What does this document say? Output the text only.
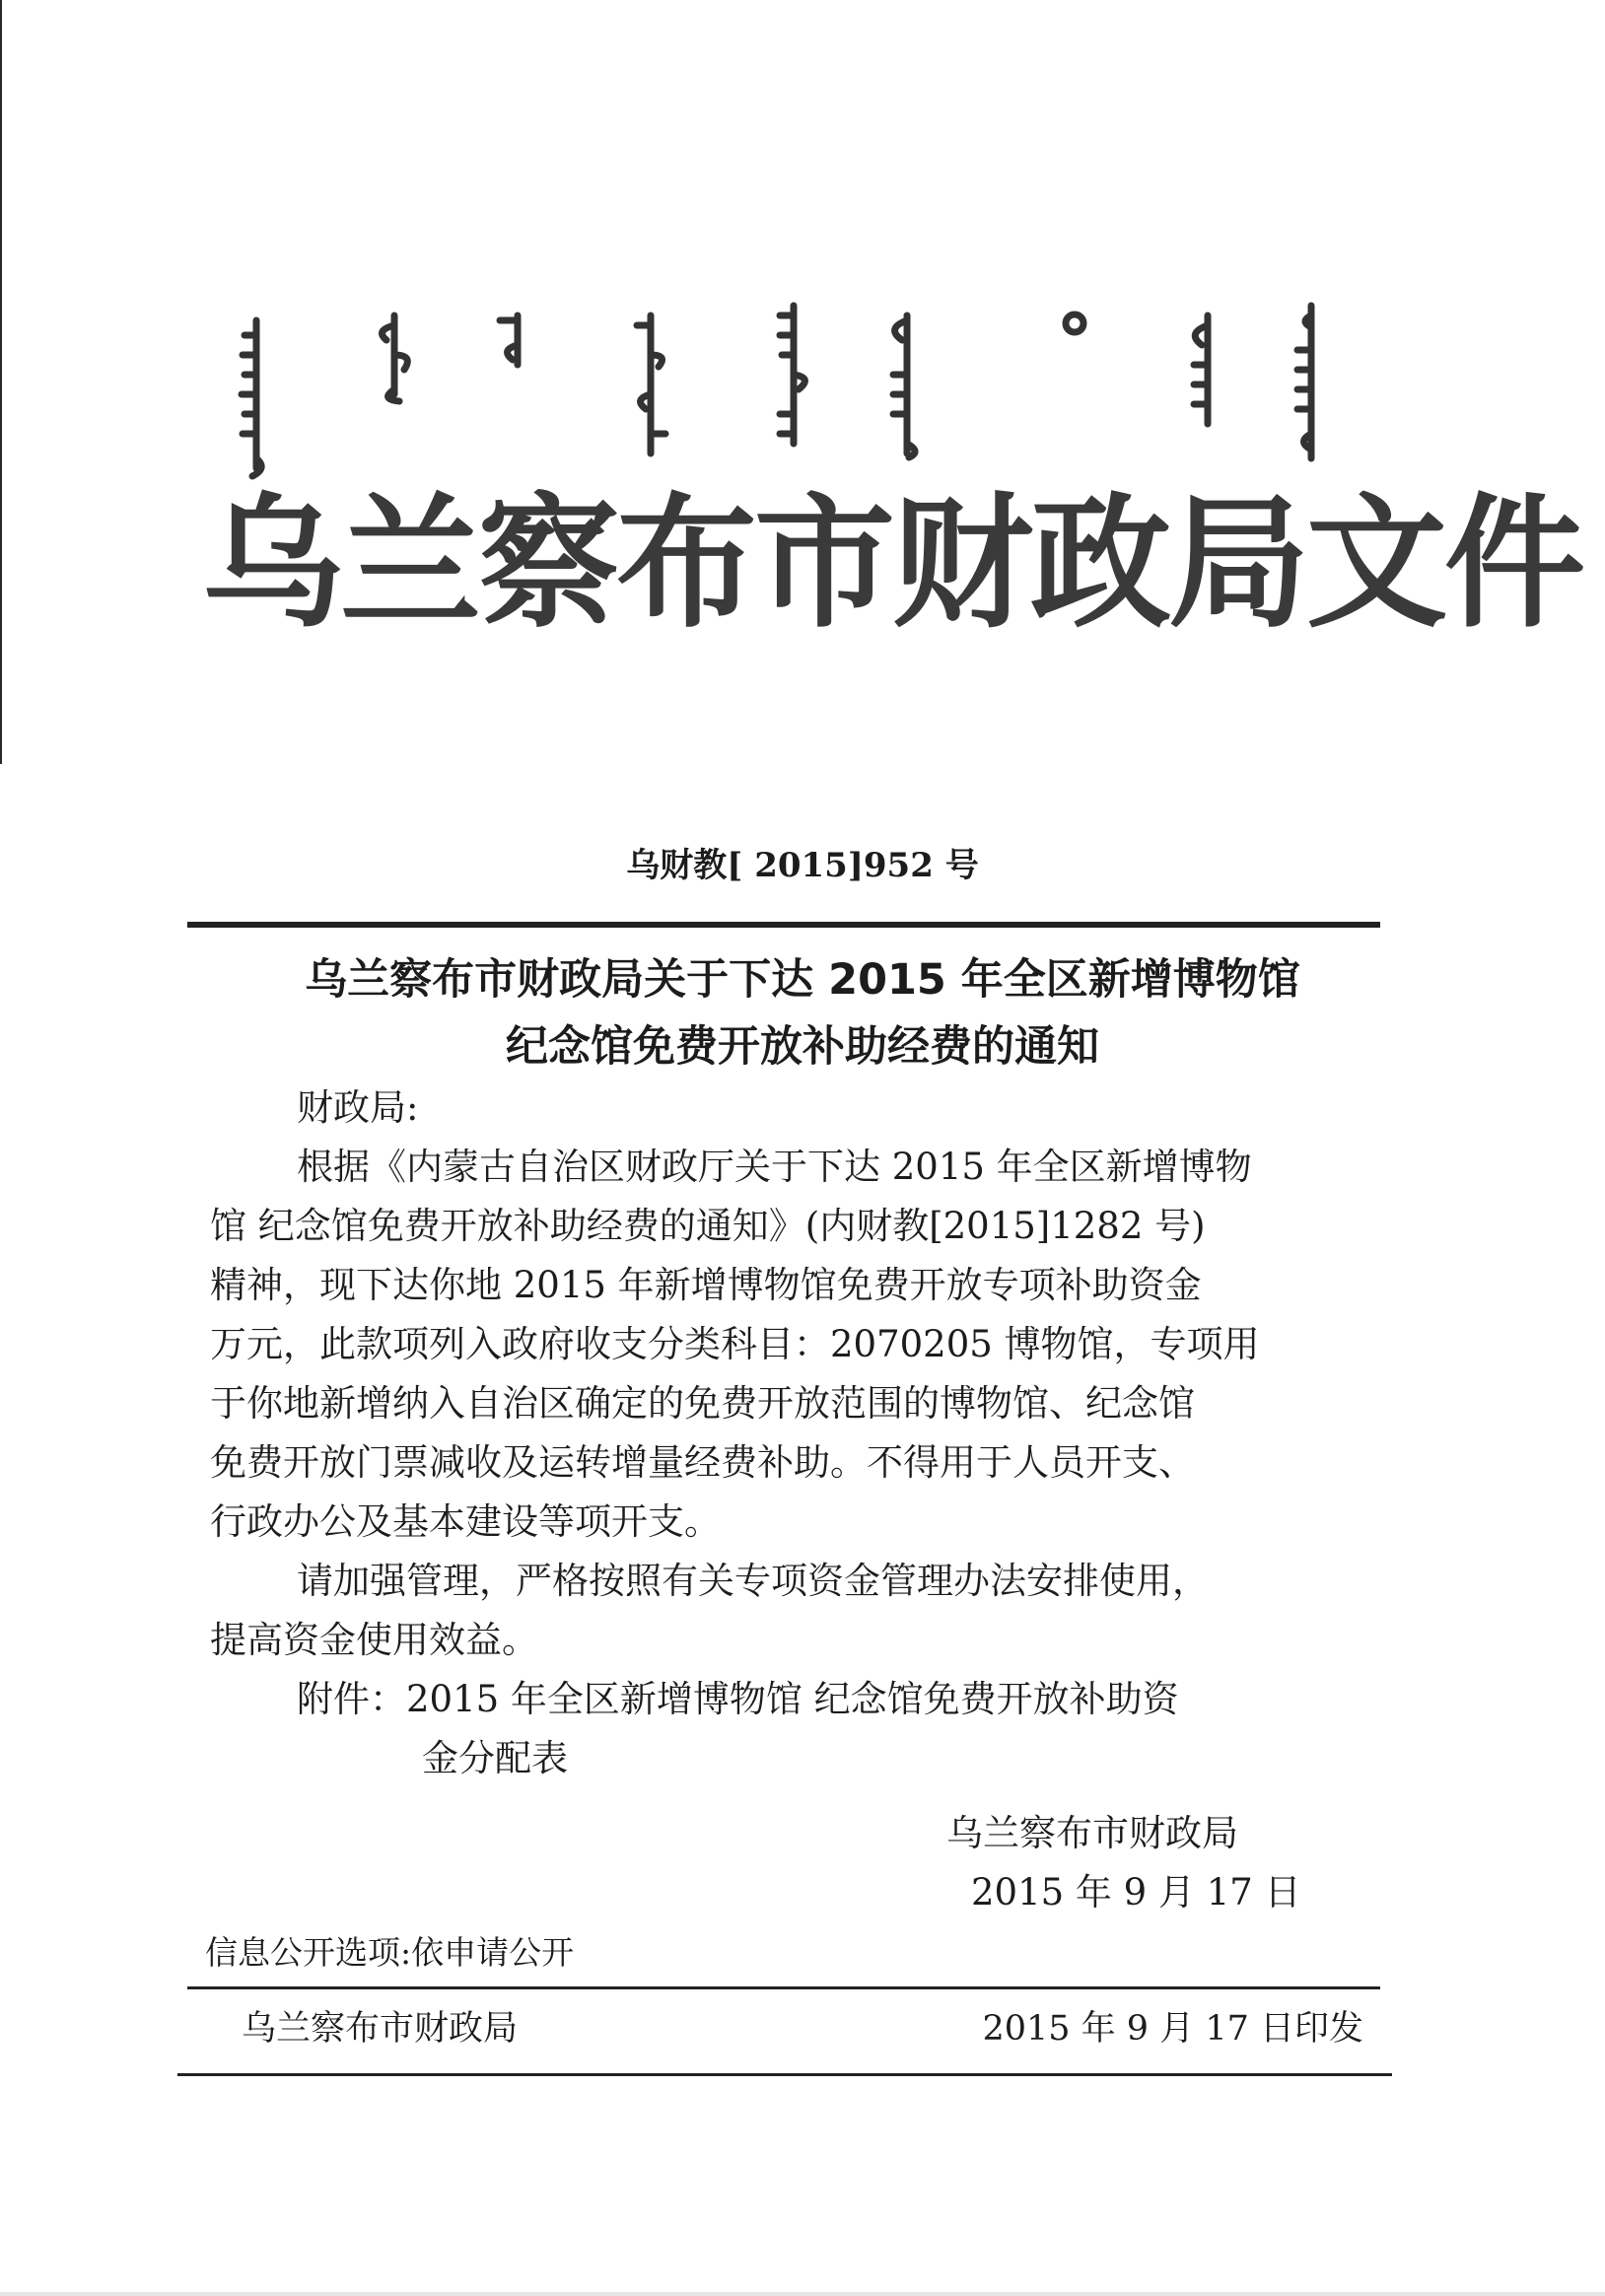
乌兰察布市财政局文件
乌财教[ 2015]952 号
乌兰察布市财政局关于下达 2015 年全区新增博物馆
纪念馆免费开放补助经费的通知
财政局:
根据《内蒙古自治区财政厅关于下达 2015 年全区新增博物
馆 纪念馆免费开放补助经费的通知》(内财教[2015]1282 号)
精神，现下达你地 2015 年新增博物馆免费开放专项补助资金
万元，此款项列入政府收支分类科目：2070205 博物馆，专项用
于你地新增纳入自治区确定的免费开放范围的博物馆、纪念馆
免费开放门票减收及运转增量经费补助。不得用于人员开支、
行政办公及基本建设等项开支。
请加强管理，严格按照有关专项资金管理办法安排使用，
提高资金使用效益。
附件：2015 年全区新增博物馆 纪念馆免费开放补助资
金分配表
乌兰察布市财政局
2015 年 9 月 17 日
信息公开选项:依申请公开
乌兰察布市财政局	2015 年 9 月 17 日印发
